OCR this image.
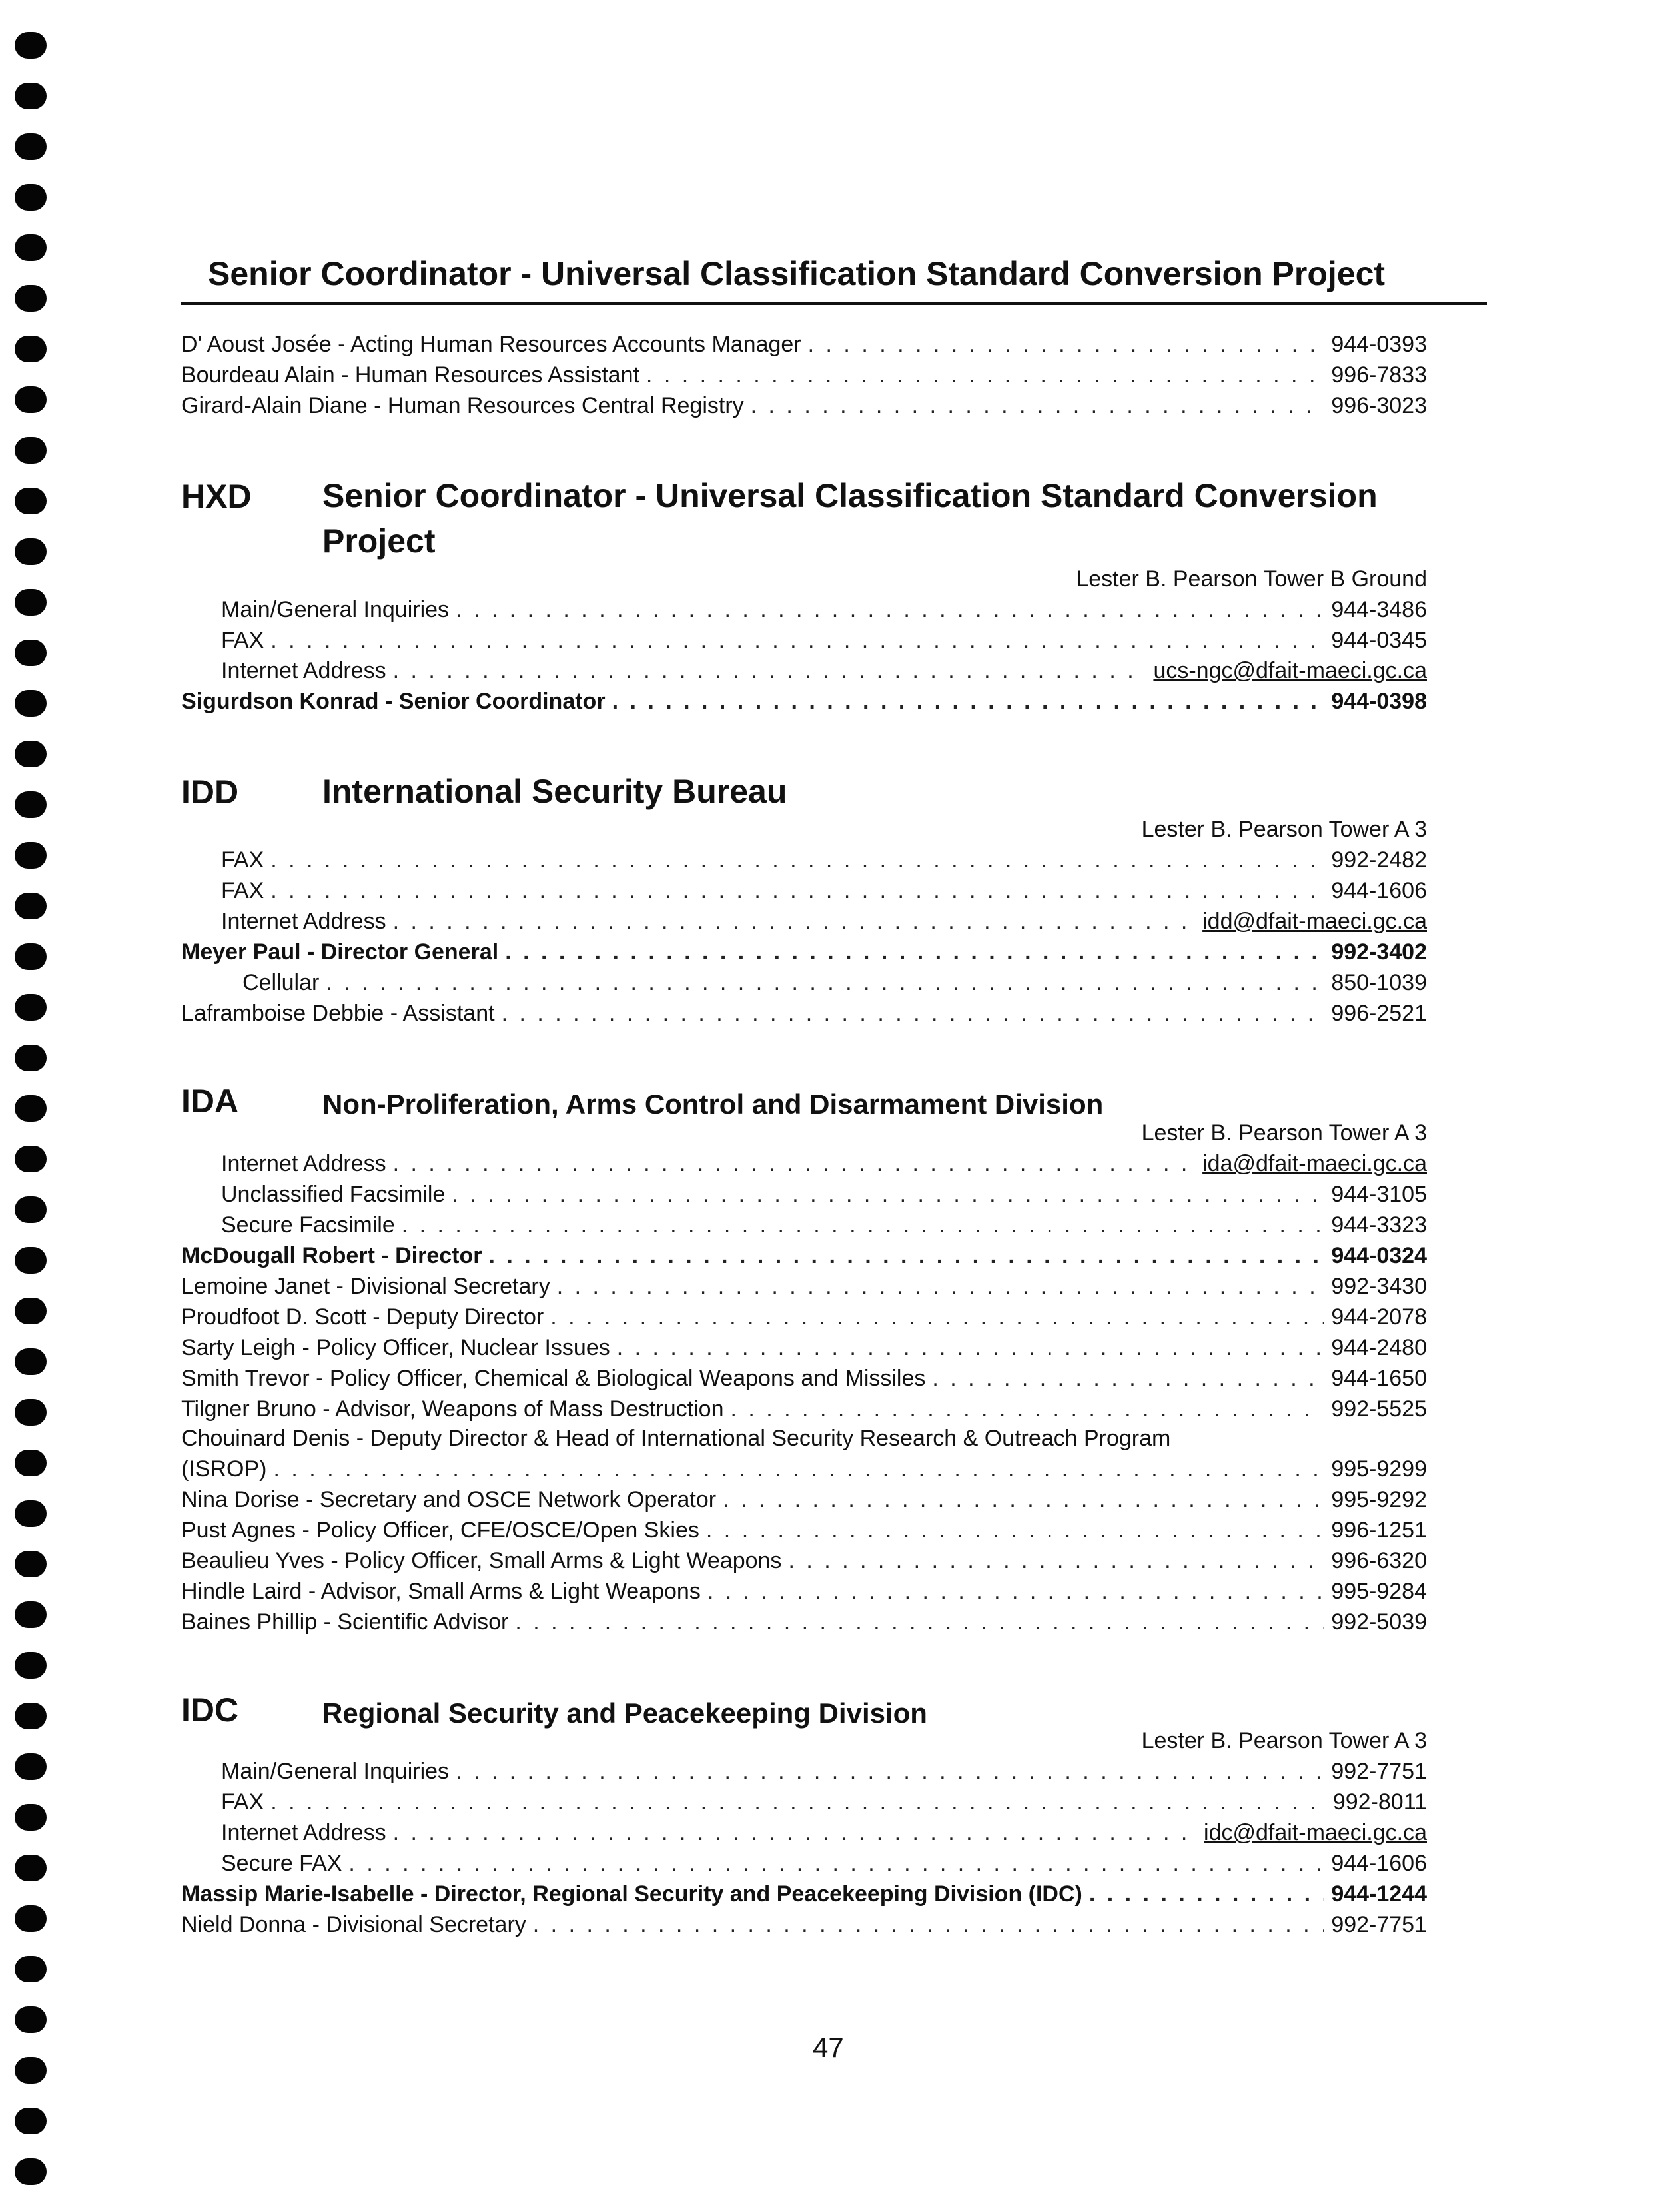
Senior Coordinator - Universal Classification Standard Conversion Project
D' Aoust Josée - Acting Human Resources Accounts Manager . . .	944-0393
Bourdeau Alain - Human Resources Assistant . . .	996-7833
Girard-Alain Diane - Human Resources Central Registry . . .	996-3023
HXD Senior Coordinator - Universal Classification Standard Conversion
Project
Lester B. Pearson Tower B Ground
Main/General Inquiries . . .	944-3486
FAX . . .	944-0345
Internet Address . . .	ucs-ngc@dfait-maeci.gc.ca
Sigurdson Konrad - Senior Coordinator . . .	944-0398
IDD	International Security Bureau
Lester B. Pearson Tower A 3
FAX . . .	992-2482
FAX . . .	944-1606
Internet Address . . .	idd@dfait-maeci.gc.ca
Meyer Paul - Director General . . .	992-3402
Cellular . . .	850-1039
Laframboise Debbie - Assistant . . .	996-2521
IDA	Non-Proliferation, Arms Control and Disarmament Division
Lester B. Pearson Tower A 3
Internet Address . . .	ida@dfait-maeci.gc.ca
Unclassified Facsimile . . .	944-3105
Secure Facsimile . . .	944-3323
McDougall Robert - Director . . .	944-0324
Lemoine Janet - Divisional Secretary . . .	992-3430
Proudfoot D. Scott - Deputy Director . . .	944-2078
Sarty Leigh - Policy Officer, Nuclear Issues . . .	944-2480
Smith Trevor - Policy Officer, Chemical & Biological Weapons and Missiles . . .	944-1650
Tilgner Bruno - Advisor, Weapons of Mass Destruction . . .	992-5525
Chouinard Denis - Deputy Director & Head of International Security Research & Outreach Program
(ISROP) . . .	995-9299
Nina Dorise - Secretary and OSCE Network Operator . . .	995-9292
Pust Agnes - Policy Officer, CFE/OSCE/Open Skies . . .	996-1251
Beaulieu Yves - Policy Officer, Small Arms & Light Weapons . . .	996-6320
Hindle Laird - Advisor, Small Arms & Light Weapons . . .	995-9284
Baines Phillip - Scientific Advisor . . .	992-5039
IDC	Regional Security and Peacekeeping Division
Lester B. Pearson Tower A 3
Main/General Inquiries . . .	992-7751
FAX . . .	992-8011
Internet Address . . .	idc@dfait-maeci.gc.ca
Secure FAX . . .	944-1606
Massip Marie-Isabelle - Director, Regional Security and Peacekeeping Division (IDC) . . .	944-1244
Nield Donna - Divisional Secretary . . .	992-7751
47
